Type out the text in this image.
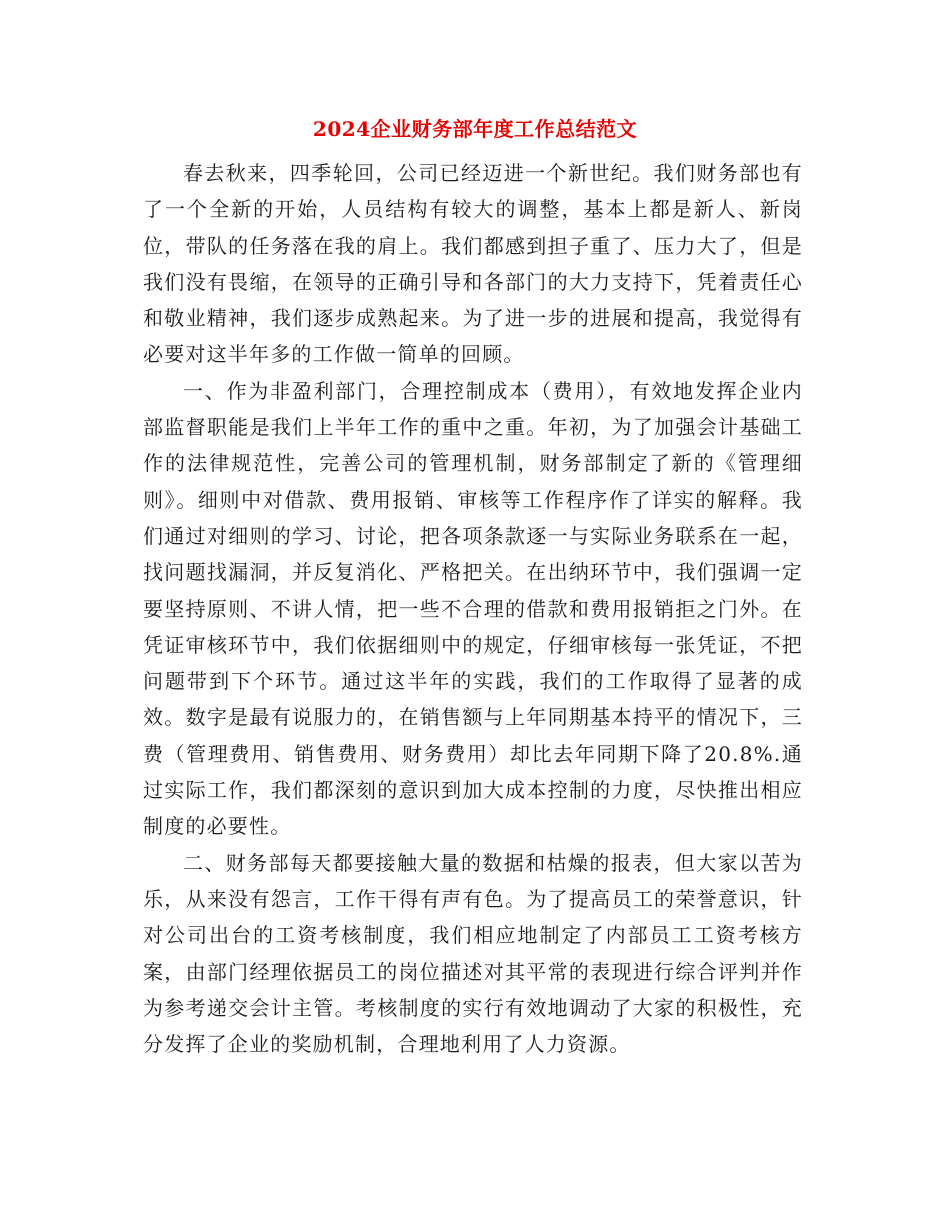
2024企业财务部年度工作总结范文

春去秋来，四季轮回，公司已经迈进一个新世纪。我们财务部也有了一个全新的开始，人员结构有较大的调整，基本上都是新人、新岗位，带队的任务落在我的肩上。我们都感到担子重了、压力大了，但是我们没有畏缩，在领导的正确引导和各部门的大力支持下，凭着责任心和敬业精神，我们逐步成熟起来。为了进一步的进展和提高，我觉得有必要对这半年多的工作做一简单的回顾。

一、作为非盈利部门，合理控制成本（费用），有效地发挥企业内部监督职能是我们上半年工作的重中之重。年初，为了加强会计基础工作的法律规范性，完善公司的管理机制，财务部制定了新的《管理细则》。细则中对借款、费用报销、审核等工作程序作了详实的解释。我们通过对细则的学习、讨论，把各项条款逐一与实际业务联系在一起，找问题找漏洞，并反复消化、严格把关。在出纳环节中，我们强调一定要坚持原则、不讲人情，把一些不合理的借款和费用报销拒之门外。在凭证审核环节中，我们依据细则中的规定，仔细审核每一张凭证，不把问题带到下个环节。通过这半年的实践，我们的工作取得了显著的成效。数字是最有说服力的，在销售额与上年同期基本持平的情况下，三费（管理费用、销售费用、财务费用）却比去年同期下降了20.8%.通过实际工作，我们都深刻的意识到加大成本控制的力度，尽快推出相应制度的必要性。

二、财务部每天都要接触大量的数据和枯燥的报表，但大家以苦为乐，从来没有怨言，工作干得有声有色。为了提高员工的荣誉意识，针对公司出台的工资考核制度，我们相应地制定了内部员工工资考核方案，由部门经理依据员工的岗位描述对其平常的表现进行综合评判并作为参考递交会计主管。考核制度的实行有效地调动了大家的积极性，充分发挥了企业的奖励机制，合理地利用了人力资源。
